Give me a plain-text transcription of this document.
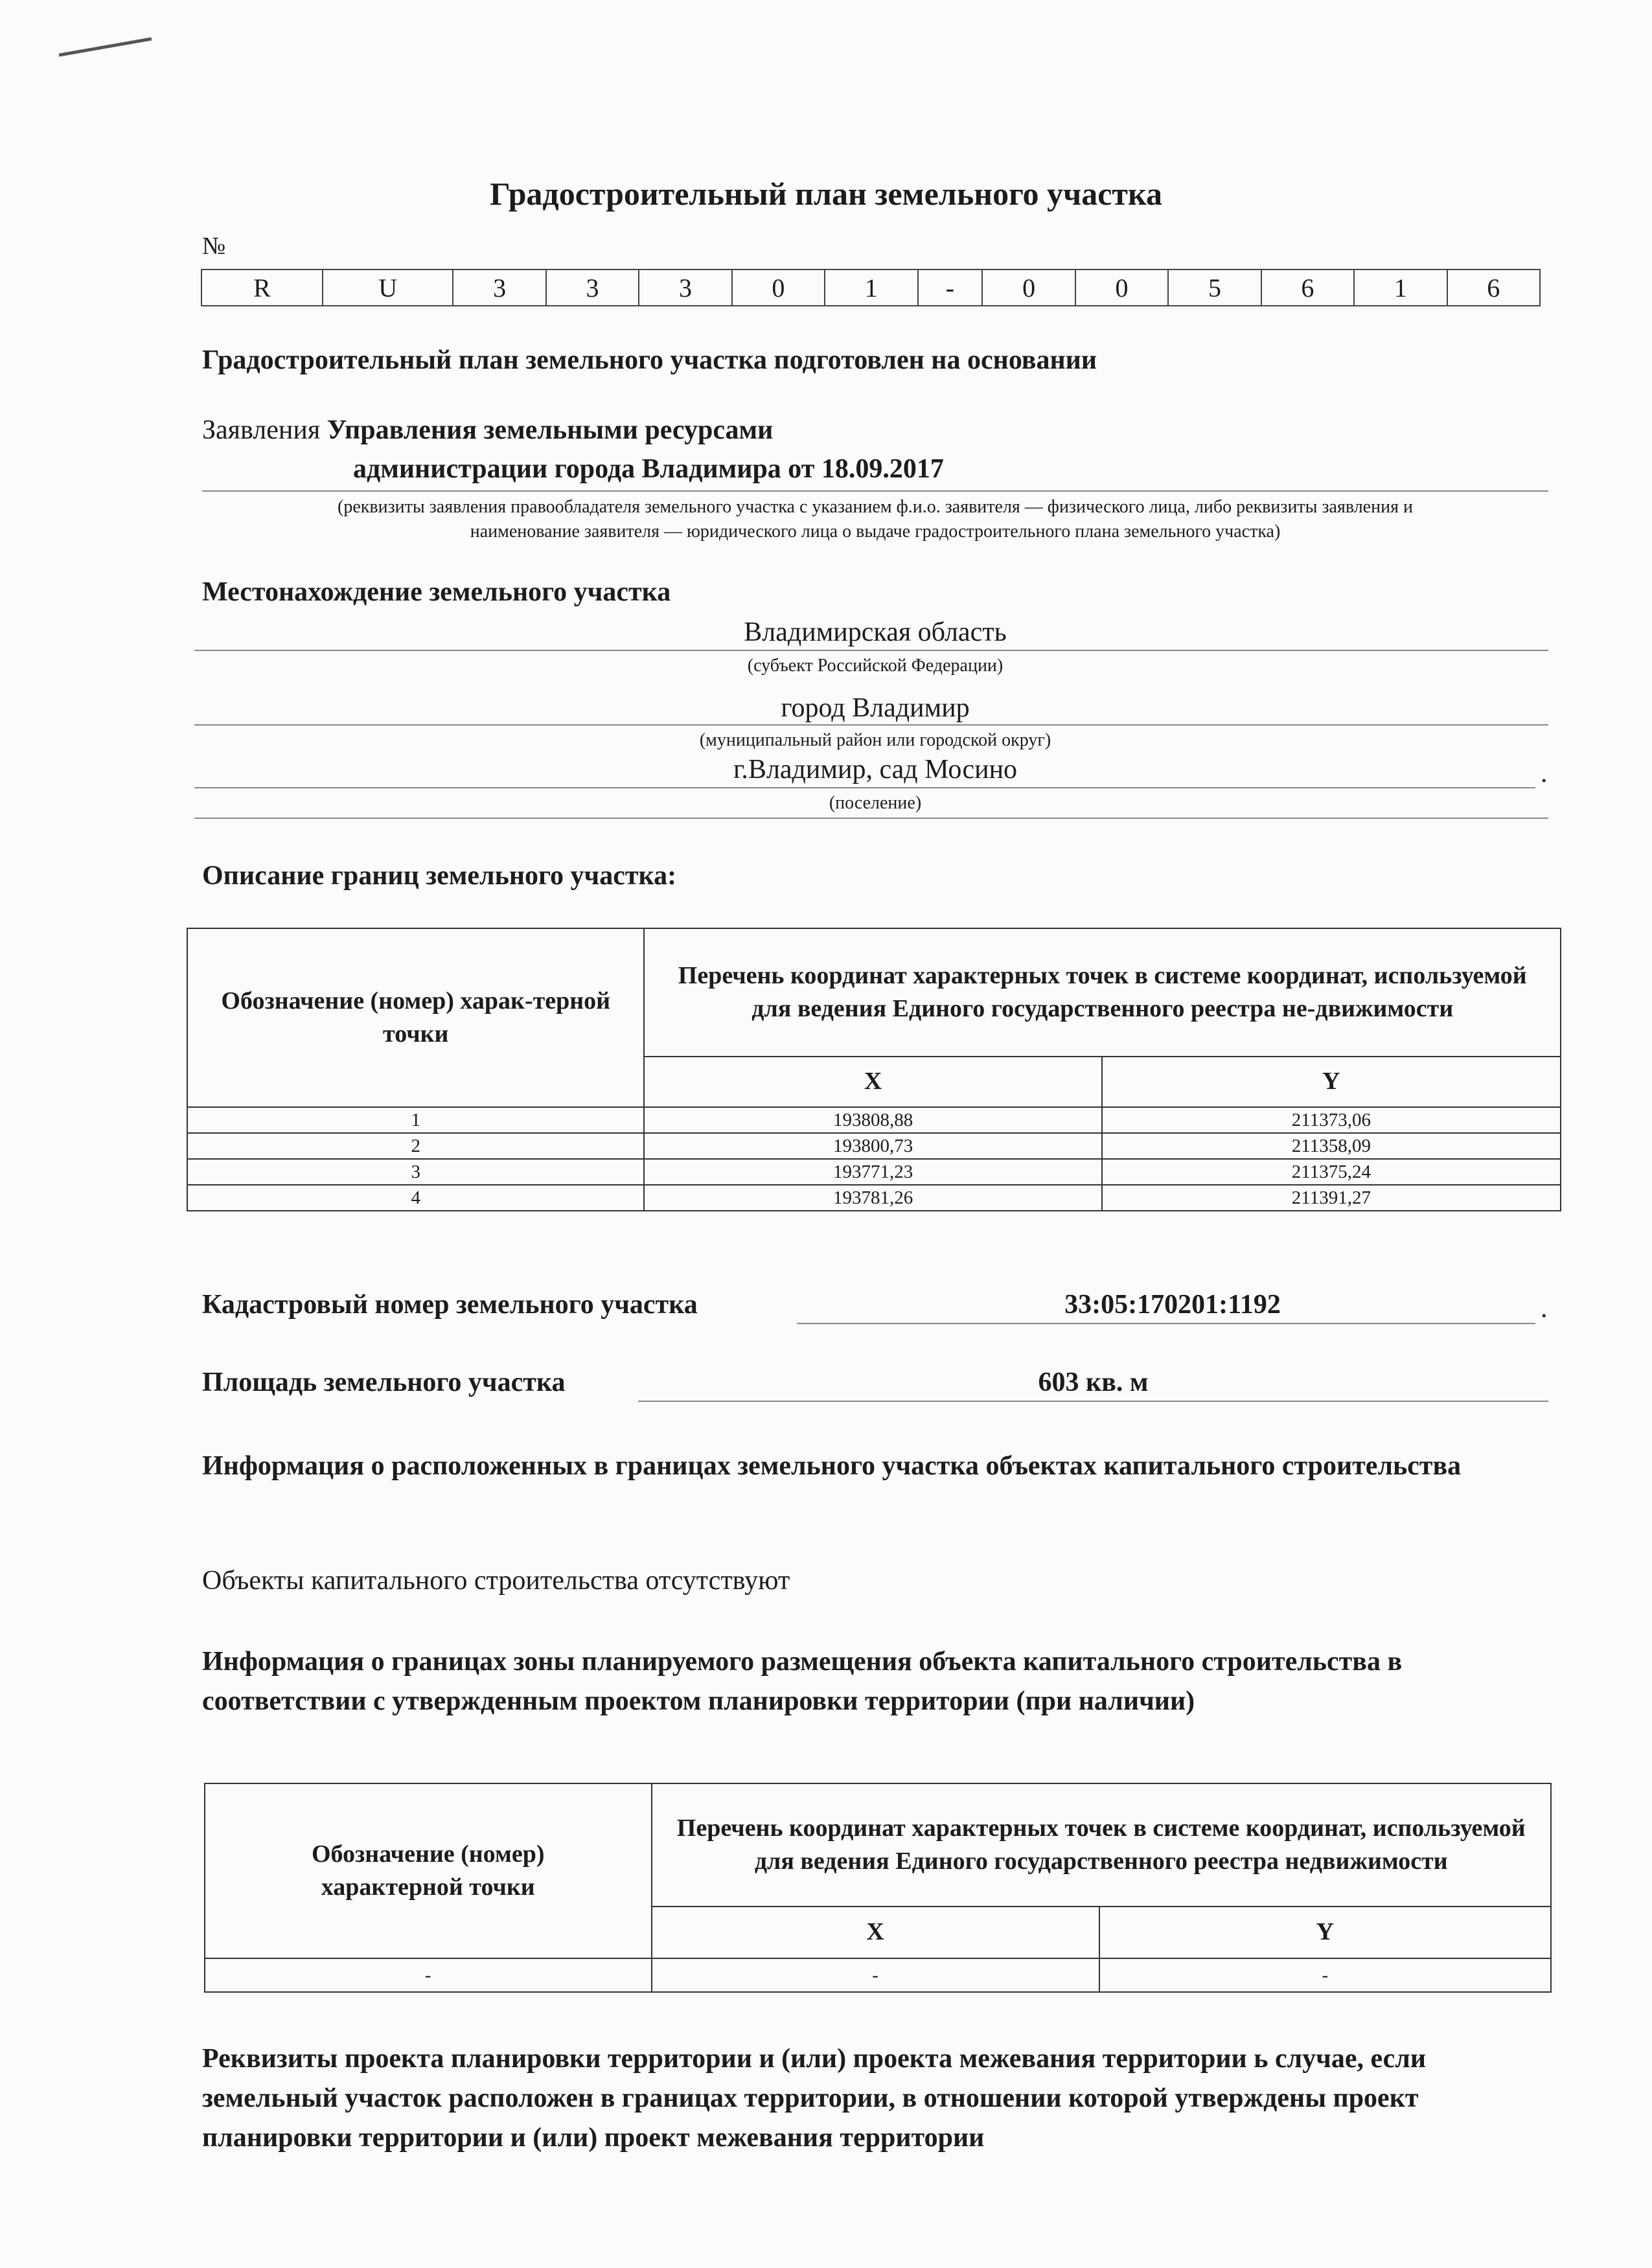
Градостроительный план земельного участка
№
R	U	3	3	3	0	1	-	0	0	5	6	1	6
Градостроительный план земельного участка подготовлен на основании
Заявления Управления земельными ресурсами
администрации города Владимира от 18.09.2017
(реквизиты заявления правообладателя земельного участка с указанием ф.и.о. заявителя — физического лица, либо реквизиты заявления и
наименование заявителя — юридического лица о выдаче градостроительного плана земельного участка)
Местонахождение земельного участка
Владимирская область
(субъект Российской Федерации)
город Владимир
(муниципальный район или городской округ)
г.Владимир, сад Мосино	.
(поселение)
Описание границ земельного участка:
Обозначение (номер) харак-терной точки	Перечень координат характерных точек в системе координат, используемой для ведения Единого государственного реестра не-движимости	
	X	Y
1	193808,88	211373,06
2	193800,73	211358,09
3	193771,23	211375,24
4	193781,26	211391,27
Кадастровый номер земельного участка	33:05:170201:1192	.
Площадь земельного участка	603 кв. м
Информация о расположенных в границах земельного участка объектах капитального строительства
Объекты капитального строительства отсутствуют
Информация о границах зоны планируемого размещения объекта капитального строительства в соответствии с утвержденным проектом планировки территории (при наличии)
Обозначение (номер) характерной точки	Перечень координат характерных точек в системе координат, используемой для ведения Единого государственного реестра недвижимости	
	X	Y
-	-	-
Реквизиты проекта планировки территории и (или) проекта межевания территории ь случае, если земельный участок расположен в границах территории, в отношении которой утверждены проект планировки территории и (или) проект межевания территории
